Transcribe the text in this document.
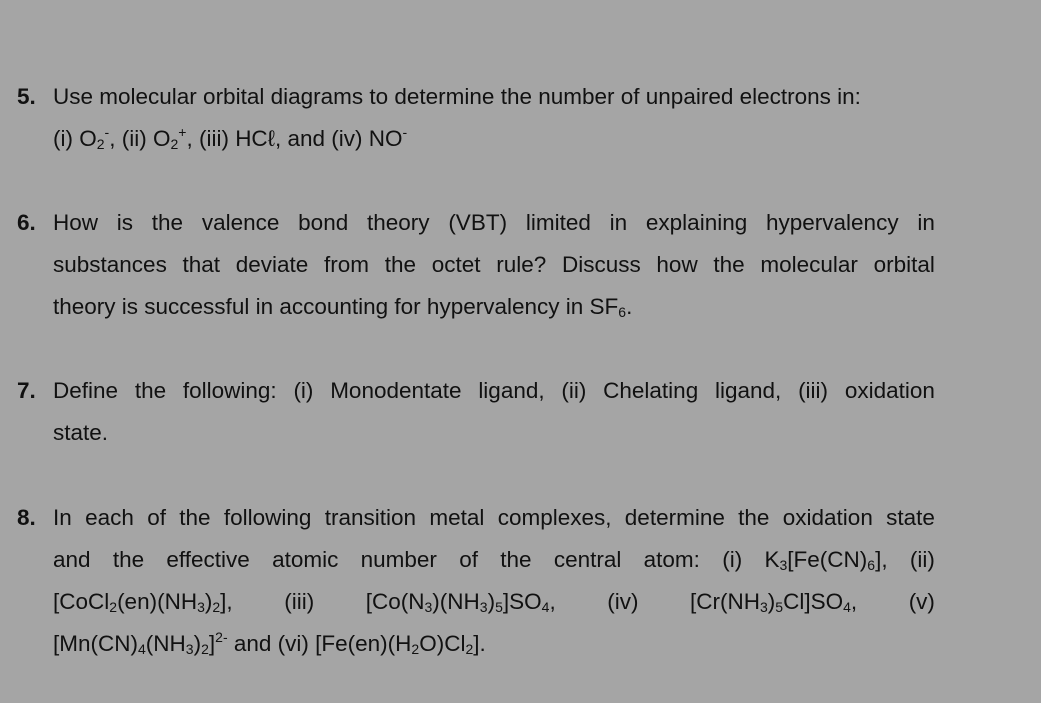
5. Use molecular orbital diagrams to determine the number of unpaired electrons in:
(i) $O_2^-$, (ii) $O_2^+$, (iii) HCℓ, and (iv) NO-
6. How is the valence bond theory (VBT) limited in explaining hypervalency in
substances that deviate from the octet rule? Discuss how the molecular orbital
theory is successful in accounting for hypervalency in $SF_6$.
7. Define the following: (i) Monodentate ligand, (ii) Chelating ligand, (iii) oxidation
state.
8. In each of the following transition metal complexes, determine the oxidation state
and the effective atomic number of the central atom: (i) $K_3[Fe(CN)_6]$, (ii)
$[CoCl_2(en)(NH_3)_2]$, (iii) $[Co(N_3)(NH_3)_5]SO_4$, (iv) $[Cr(NH_3)_5Cl]SO_4$, (v)
$[Mn(CN)_4(NH_3)_2]^{2-}$ and (vi) $[Fe(en)(H_2O)Cl_2]$.
